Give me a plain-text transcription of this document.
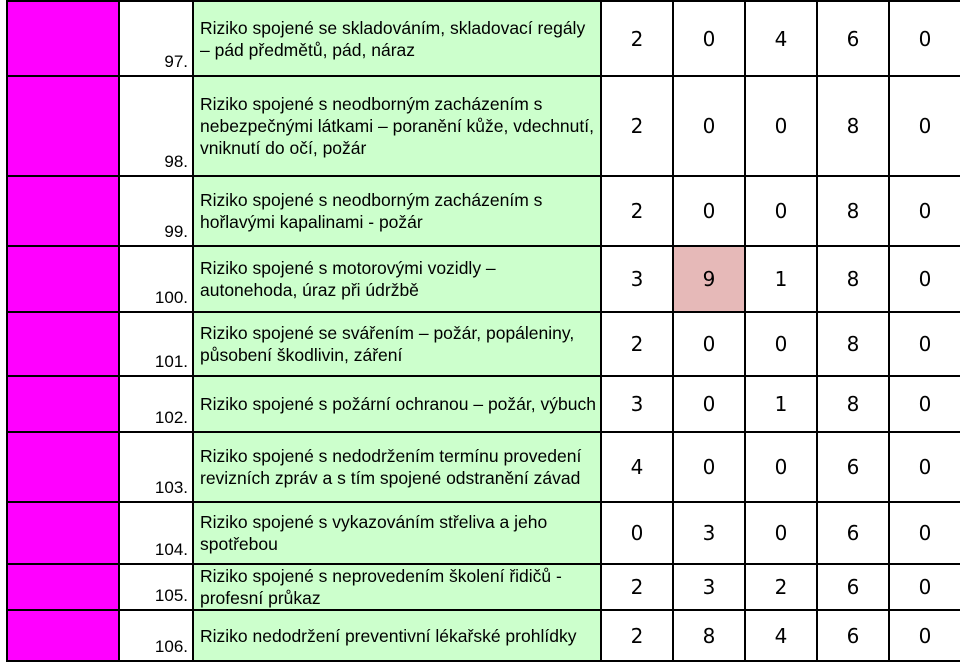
	97.	Riziko spojené se skladováním, skladovací regály – pád předmětů, pád, náraz	2	0	4	6	0
	98.	Riziko spojené s neodborným zacházením s nebezpečnými látkami – poranění kůže, vdechnutí, vniknutí do očí, požár	2	0	0	8	0
	99.	Riziko spojené s neodborným zacházením s hořlavými kapalinami - požár	2	0	0	8	0
	100.	Riziko spojené s motorovými vozidly – autonehoda, úraz při údržbě	3	9	1	8	0
	101.	Riziko spojené se svářením – požár, popáleniny, působení škodlivin, záření	2	0	0	8	0
	102.	Riziko spojené s požární ochranou – požár, výbuch	3	0	1	8	0
	103.	Riziko spojené s nedodržením termínu provedení revizních zpráv a s tím spojené odstranění závad	4	0	0	6	0
	104.	Riziko spojené s vykazováním střeliva a jeho spotřebou	0	3	0	6	0
	105.	Riziko spojené s neprovedením školení řidičů - profesní průkaz	2	3	2	6	0
	106.	Riziko nedodržení preventivní lékařské prohlídky	2	8	4	6	0
